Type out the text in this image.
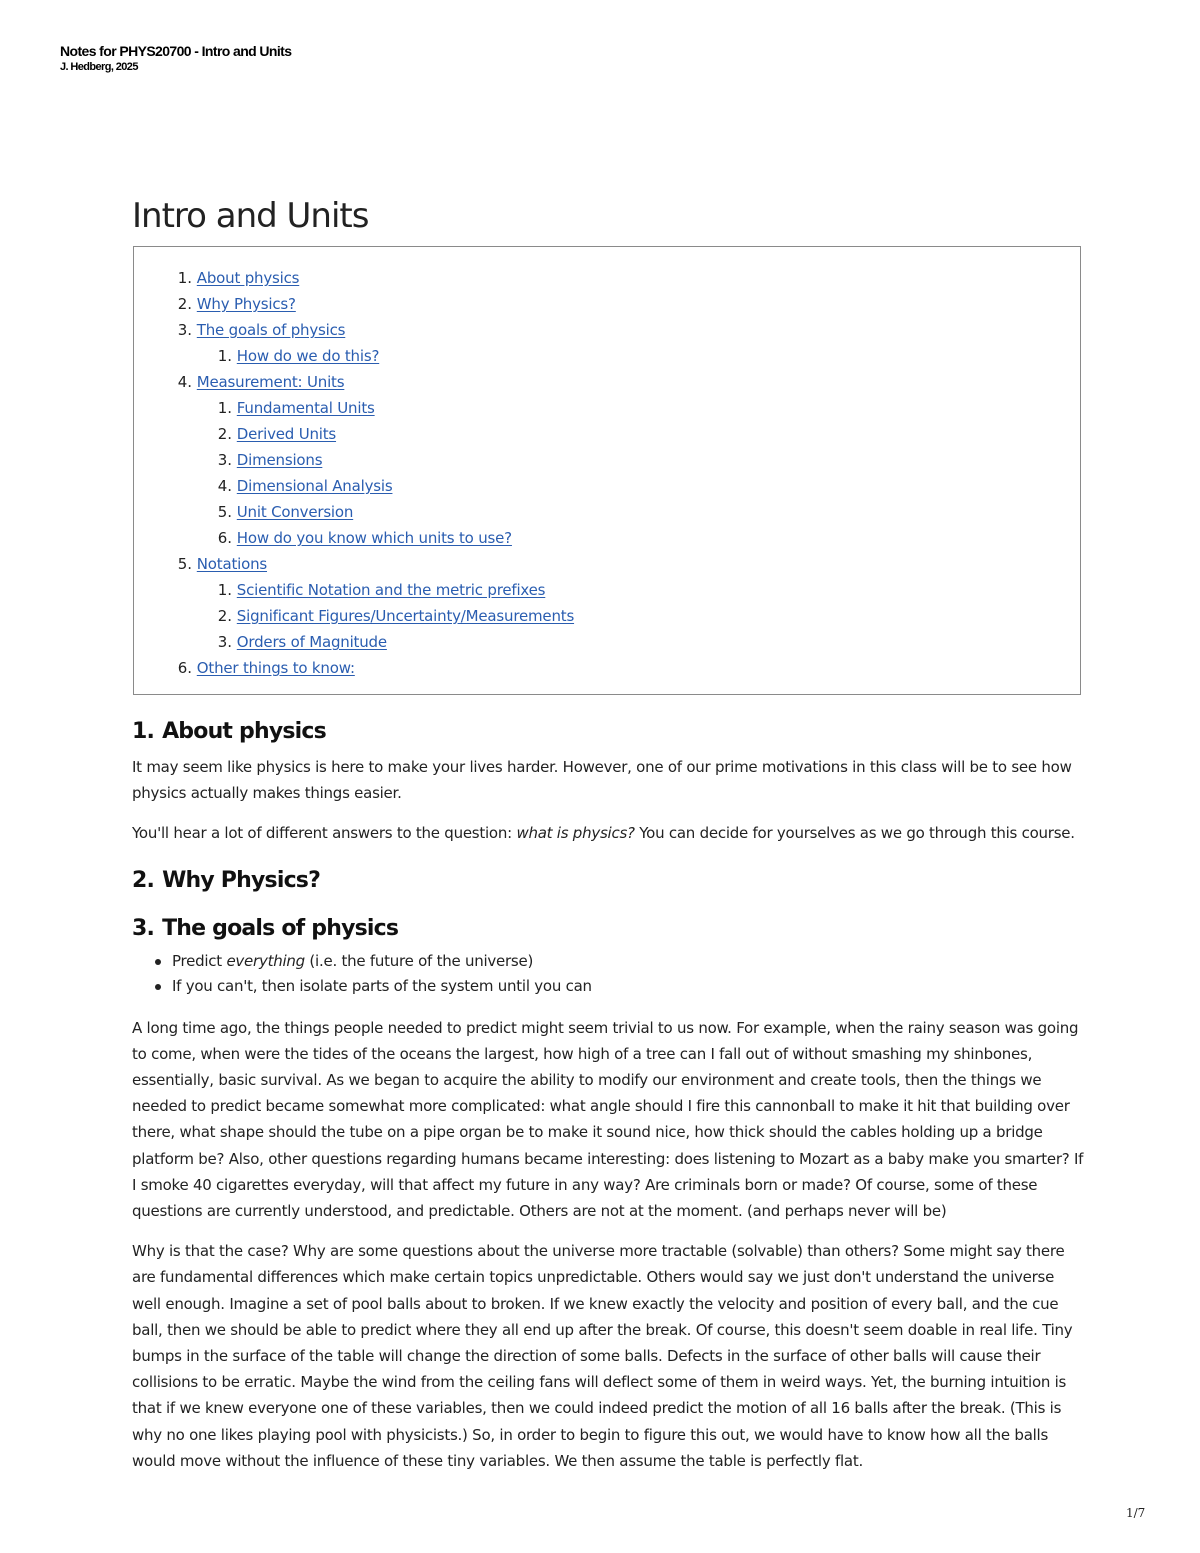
Notes for PHYS20700 - Intro and Units
J. Hedberg, 2025
Intro and Units
1. About physics
2. Why Physics?
3. The goals of physics
1. How do we do this?
4. Measurement: Units
1. Fundamental Units
2. Derived Units
3. Dimensions
4. Dimensional Analysis
5. Unit Conversion
6. How do you know which units to use?
5. Notations
1. Scientific Notation and the metric prefixes
2. Significant Figures/Uncertainty/Measurements
3. Orders of Magnitude
6. Other things to know:
1. About physics

It may seem like physics is here to make your lives harder. However, one of our prime motivations in this class will be to see how physics actually makes things easier.

You'll hear a lot of different answers to the question: what is physics? You can decide for yourselves as we go through this course.

2. Why Physics?
3. The goals of physics
Predict everything (i.e. the future of the universe)
If you can't, then isolate parts of the system until you can

A long time ago, the things people needed to predict might seem trivial to us now. For example, when the rainy season was going to come, when were the tides of the oceans the largest, how high of a tree can I fall out of without smashing my shinbones, essentially, basic survival. As we began to acquire the ability to modify our environment and create tools, then the things we needed to predict became somewhat more complicated: what angle should I fire this cannonball to make it hit that building over there, what shape should the tube on a pipe organ be to make it sound nice, how thick should the cables holding up a bridge platform be? Also, other questions regarding humans became interesting: does listening to Mozart as a baby make you smarter? If I smoke 40 cigarettes everyday, will that affect my future in any way? Are criminals born or made? Of course, some of these questions are currently understood, and predictable. Others are not at the moment. (and perhaps never will be)

Why is that the case? Why are some questions about the universe more tractable (solvable) than others? Some might say there are fundamental differences which make certain topics unpredictable. Others would say we just don't understand the universe well enough. Imagine a set of pool balls about to broken. If we knew exactly the velocity and position of every ball, and the cue ball, then we should be able to predict where they all end up after the break. Of course, this doesn't seem doable in real life. Tiny bumps in the surface of the table will change the direction of some balls. Defects in the surface of other balls will cause their collisions to be erratic. Maybe the wind from the ceiling fans will deflect some of them in weird ways. Yet, the burning intuition is that if we knew everyone one of these variables, then we could indeed predict the motion of all 16 balls after the break. (This is why no one likes playing pool with physicists.) So, in order to begin to figure this out, we would have to know how all the balls would move without the influence of these tiny variables. We then assume the table is perfectly flat.

1/7
